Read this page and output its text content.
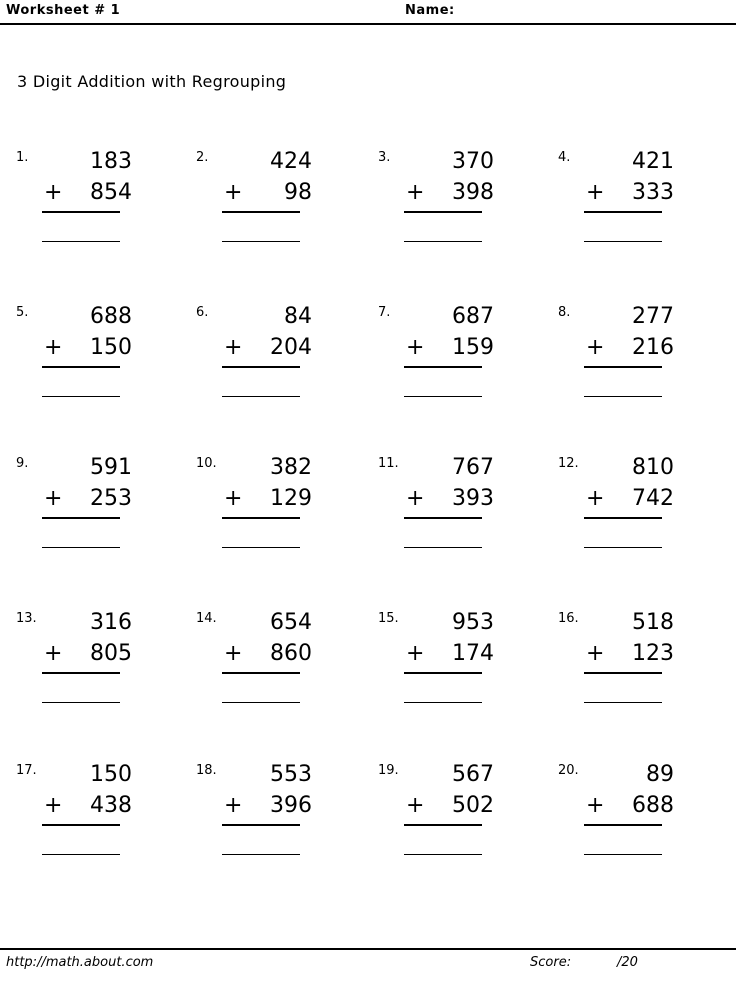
Worksheet # 1	Name:
3 Digit Addition with Regrouping
1.	183
+ 854
2.	424
+ 98
3.	370
+ 398
4.	421
+ 333
5.	688
+ 150
6.	84
+ 204
7.	687
+ 159
8.	277
+ 216
9.	591
+ 253
10. 382
+ 129
11. 767
+ 393
12. 810
+ 742
13. 316
+ 805
14. 654
+ 860
15. 953
+ 174
16. 518
+ 123
17. 150
+ 438
18. 553
+ 396
19. 567
+ 502
20.	89
+ 688
http://math.about.com	Score:	/20
